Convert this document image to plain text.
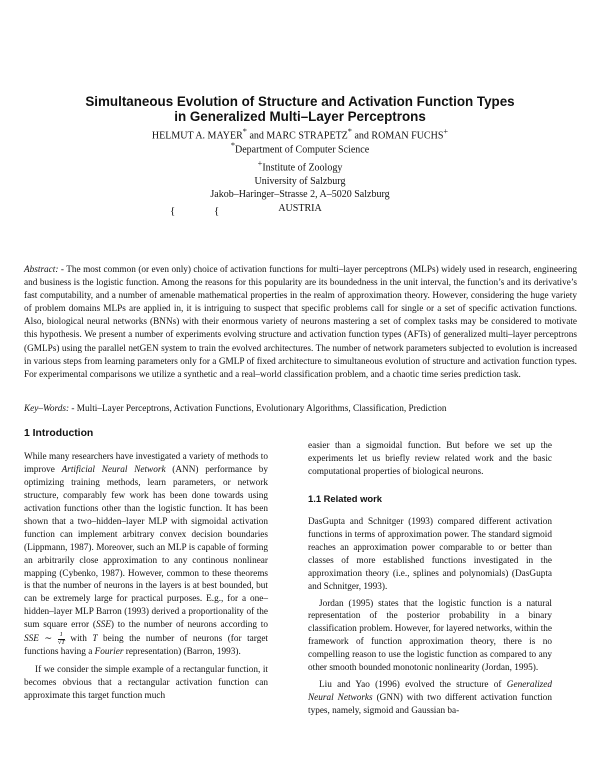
Simultaneous Evolution of Structure and Activation Function Types
in Generalized Multi–Layer Perceptrons
HELMUT A. MAYER* and MARC STRAPETZ* and ROMAN FUCHS+
*Department of Computer Science
+Institute of Zoology
University of Salzburg
Jakob–Haringer–Strasse 2, A–5020 Salzburg
AUSTRIA
{	{
Abstract: - The most common (or even only) choice of activation functions for multi–layer perceptrons (MLPs) widely used in research, engineering and business is the logistic function. Among the reasons for this popularity are its boundedness in the unit interval, the function’s and its derivative’s fast computability, and a number of amenable mathematical properties in the realm of approximation theory. However, considering the huge variety of problem domains MLPs are applied in, it is intriguing to suspect that specific problems call for single or a set of specific activation functions. Also, biological neural networks (BNNs) with their enormous variety of neurons mastering a set of complex tasks may be considered to motivate this hypothesis. We present a number of experiments evolving structure and activation function types (AFTs) of generalized multi–layer perceptrons (GMLPs) using the parallel netGEN system to train the evolved architectures. The number of network parameters subjected to evolution is increased in various steps from learning parameters only for a GMLP of fixed architecture to simultaneous evolution of structure and activation function types. For experimental comparisons we utilize a synthetic and a real–world classification problem, and a chaotic time series prediction task.
Key–Words: - Multi–Layer Perceptrons, Activation Functions, Evolutionary Algorithms, Classification, Prediction
1 Introduction

While many researchers have investigated a variety of methods to improve Artificial Neural Network (ANN) performance by optimizing training methods, learn parameters, or network structure, comparably few work has been done towards using activation functions other than the logistic function. It has been shown that a two–hidden–layer MLP with sigmoidal activation function can implement arbitrary convex decision boundaries (Lippmann, 1987). Moreover, such an MLP is capable of forming an arbitrarily close approximation to any continous nonlinear mapping (Cybenko, 1987). However, common to these theorems is that the number of neurons in the layers is at best bounded, but can be extremely large for practical purposes. E.g., for a one–hidden–layer MLP Barron (1993) derived a proportionality of the sum square error (SSE) to the number of neurons according to SSE ∼ $\frac{1}{√T}$ with T being the number of neurons (for target functions having a Fourier representation) (Barron, 1993).

If we consider the simple example of a rectangular function, it becomes obvious that a rectangular activation function can approximate this target function much

easier than a sigmoidal function. But before we set up the experiments let us briefly review related work and the basic computational properties of biological neurons.

1.1 Related work

DasGupta and Schnitger (1993) compared different activation functions in terms of approximation power. The standard sigmoid reaches an approximation power comparable to or better than classes of more established functions investigated in the approximation theory (i.e., splines and polynomials) (DasGupta and Schnitger, 1993).

Jordan (1995) states that the logistic function is a natural representation of the posterior probability in a binary classification problem. However, for layered networks, within the framework of function approximation theory, there is no compelling reason to use the logistic function as compared to any other smooth bounded monotonic nonlinearity (Jordan, 1995).

Liu and Yao (1996) evolved the structure of Generalized Neural Networks (GNN) with two different activation function types, namely, sigmoid and Gaussian ba-
